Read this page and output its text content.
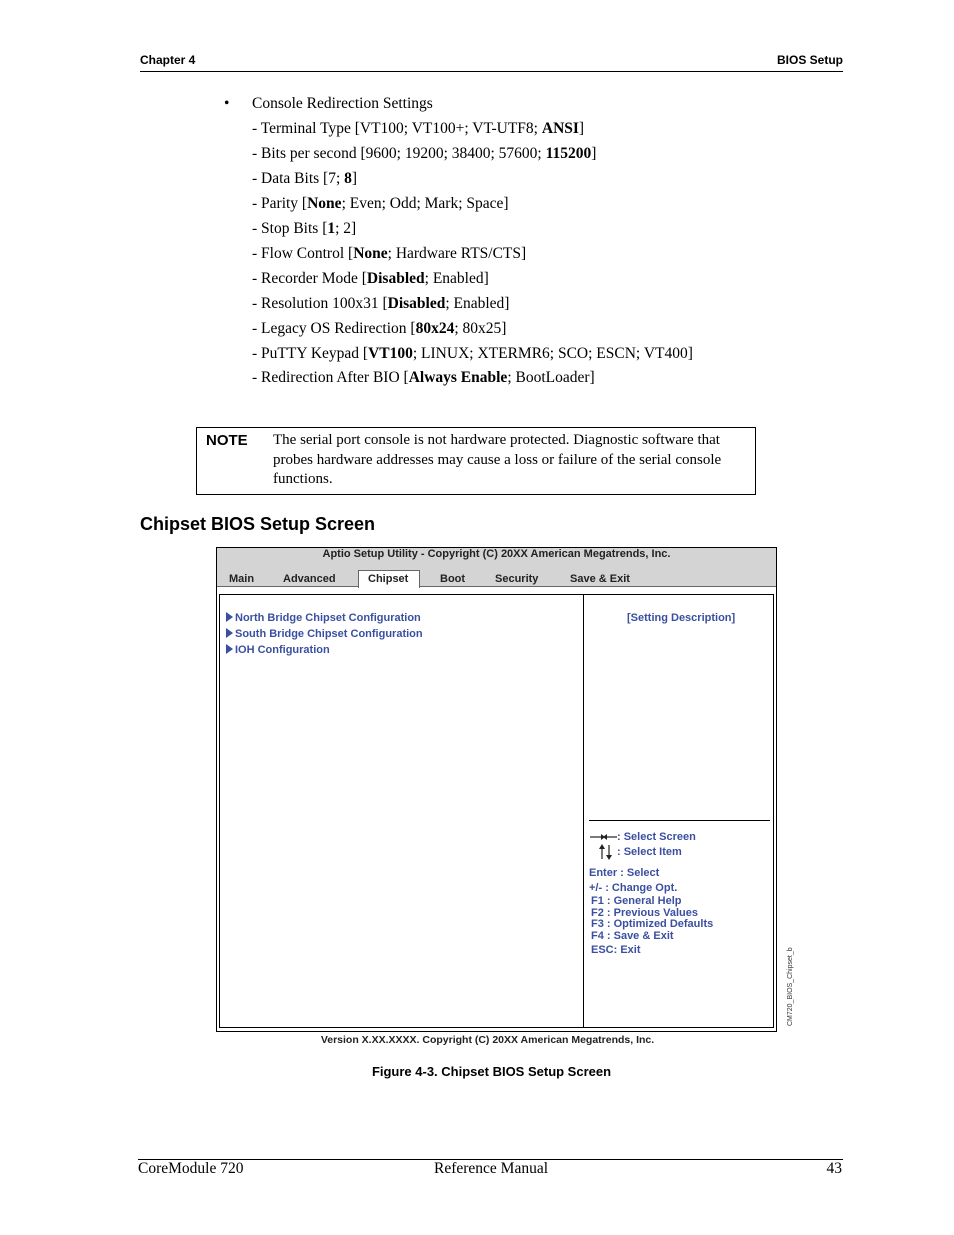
Chapter 4	BIOS Setup
• Console Redirection Settings
- Terminal Type [VT100; VT100+; VT-UTF8; ANSI]
- Bits per second [9600; 19200; 38400; 57600; 115200]
- Data Bits [7; 8]
- Parity [None; Even; Odd; Mark; Space]
- Stop Bits [1; 2]
- Flow Control [None; Hardware RTS/CTS]
- Recorder Mode [Disabled; Enabled]
- Resolution 100x31 [Disabled; Enabled]
- Legacy OS Redirection [80x24; 80x25]
- PuTTY Keypad [VT100; LINUX; XTERMR6; SCO; ESCN; VT400]
- Redirection After BIO [Always Enable; BootLoader]
NOTE The serial port console is not hardware protected. Diagnostic software that probes hardware addresses may cause a loss or failure of the serial console functions.
Chipset BIOS Setup Screen
Aptio Setup Utility - Copyright (C) 20XX American Megatrends, Inc.
Main	Advanced	Chipset	Boot	Security	Save & Exit
North Bridge Chipset Configuration
South Bridge Chipset Configuration
IOH Configuration
[Setting Description]
: Select Screen
: Select Item
Enter : Select
+/- : Change Opt.
F1 : General Help
F2 : Previous Values
F3 : Optimized Defaults
F4 : Save & Exit
ESC: Exit	CM720_BIOS_Chipset_b
Version X.XX.XXXX. Copyright (C) 20XX American Megatrends, Inc.
Figure 4-3. Chipset BIOS Setup Screen
CoreModule 720	Reference Manual	43
